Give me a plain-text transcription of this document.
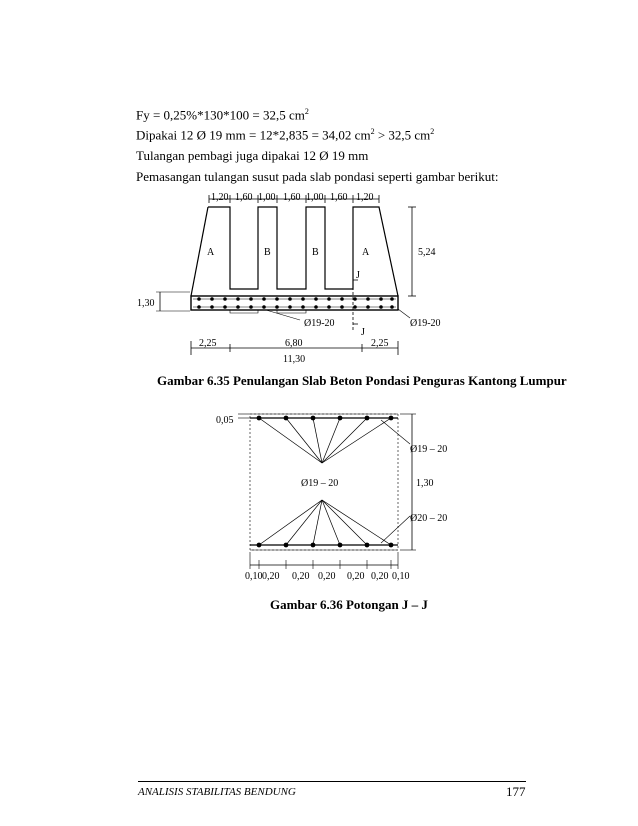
Fy = 0,25%*130*100 = 32,5 $cm^2$
Dipakai 12 Ø 19 mm = 12*2,835 = 34,02 $cm^2 > 32,5$ $cm^2$
Tulangan pembagi juga dipakai 12 Ø 19 mm
Pemasangan tulangan susut pada slab pondasi seperti gambar berikut:
1,20 1,60 1,00 1,60 1,00 1,60 1,20
A	B	B	A	5,24
1,30
J
J
Ø19-20	Ø19-20
2,25	6,80	2,25
11,30
0,05
1,30
Ø19 – 20
Ø19 – 20
Ø20 – 20
0,10 0,20 0,20 0,20 0,20 0,20 0,10
Gambar 6.35 Penulangan Slab Beton Pondasi Penguras Kantong Lumpur
Gambar 6.36 Potongan J – J
ANALISIS STABILITAS BENDUNG	177
